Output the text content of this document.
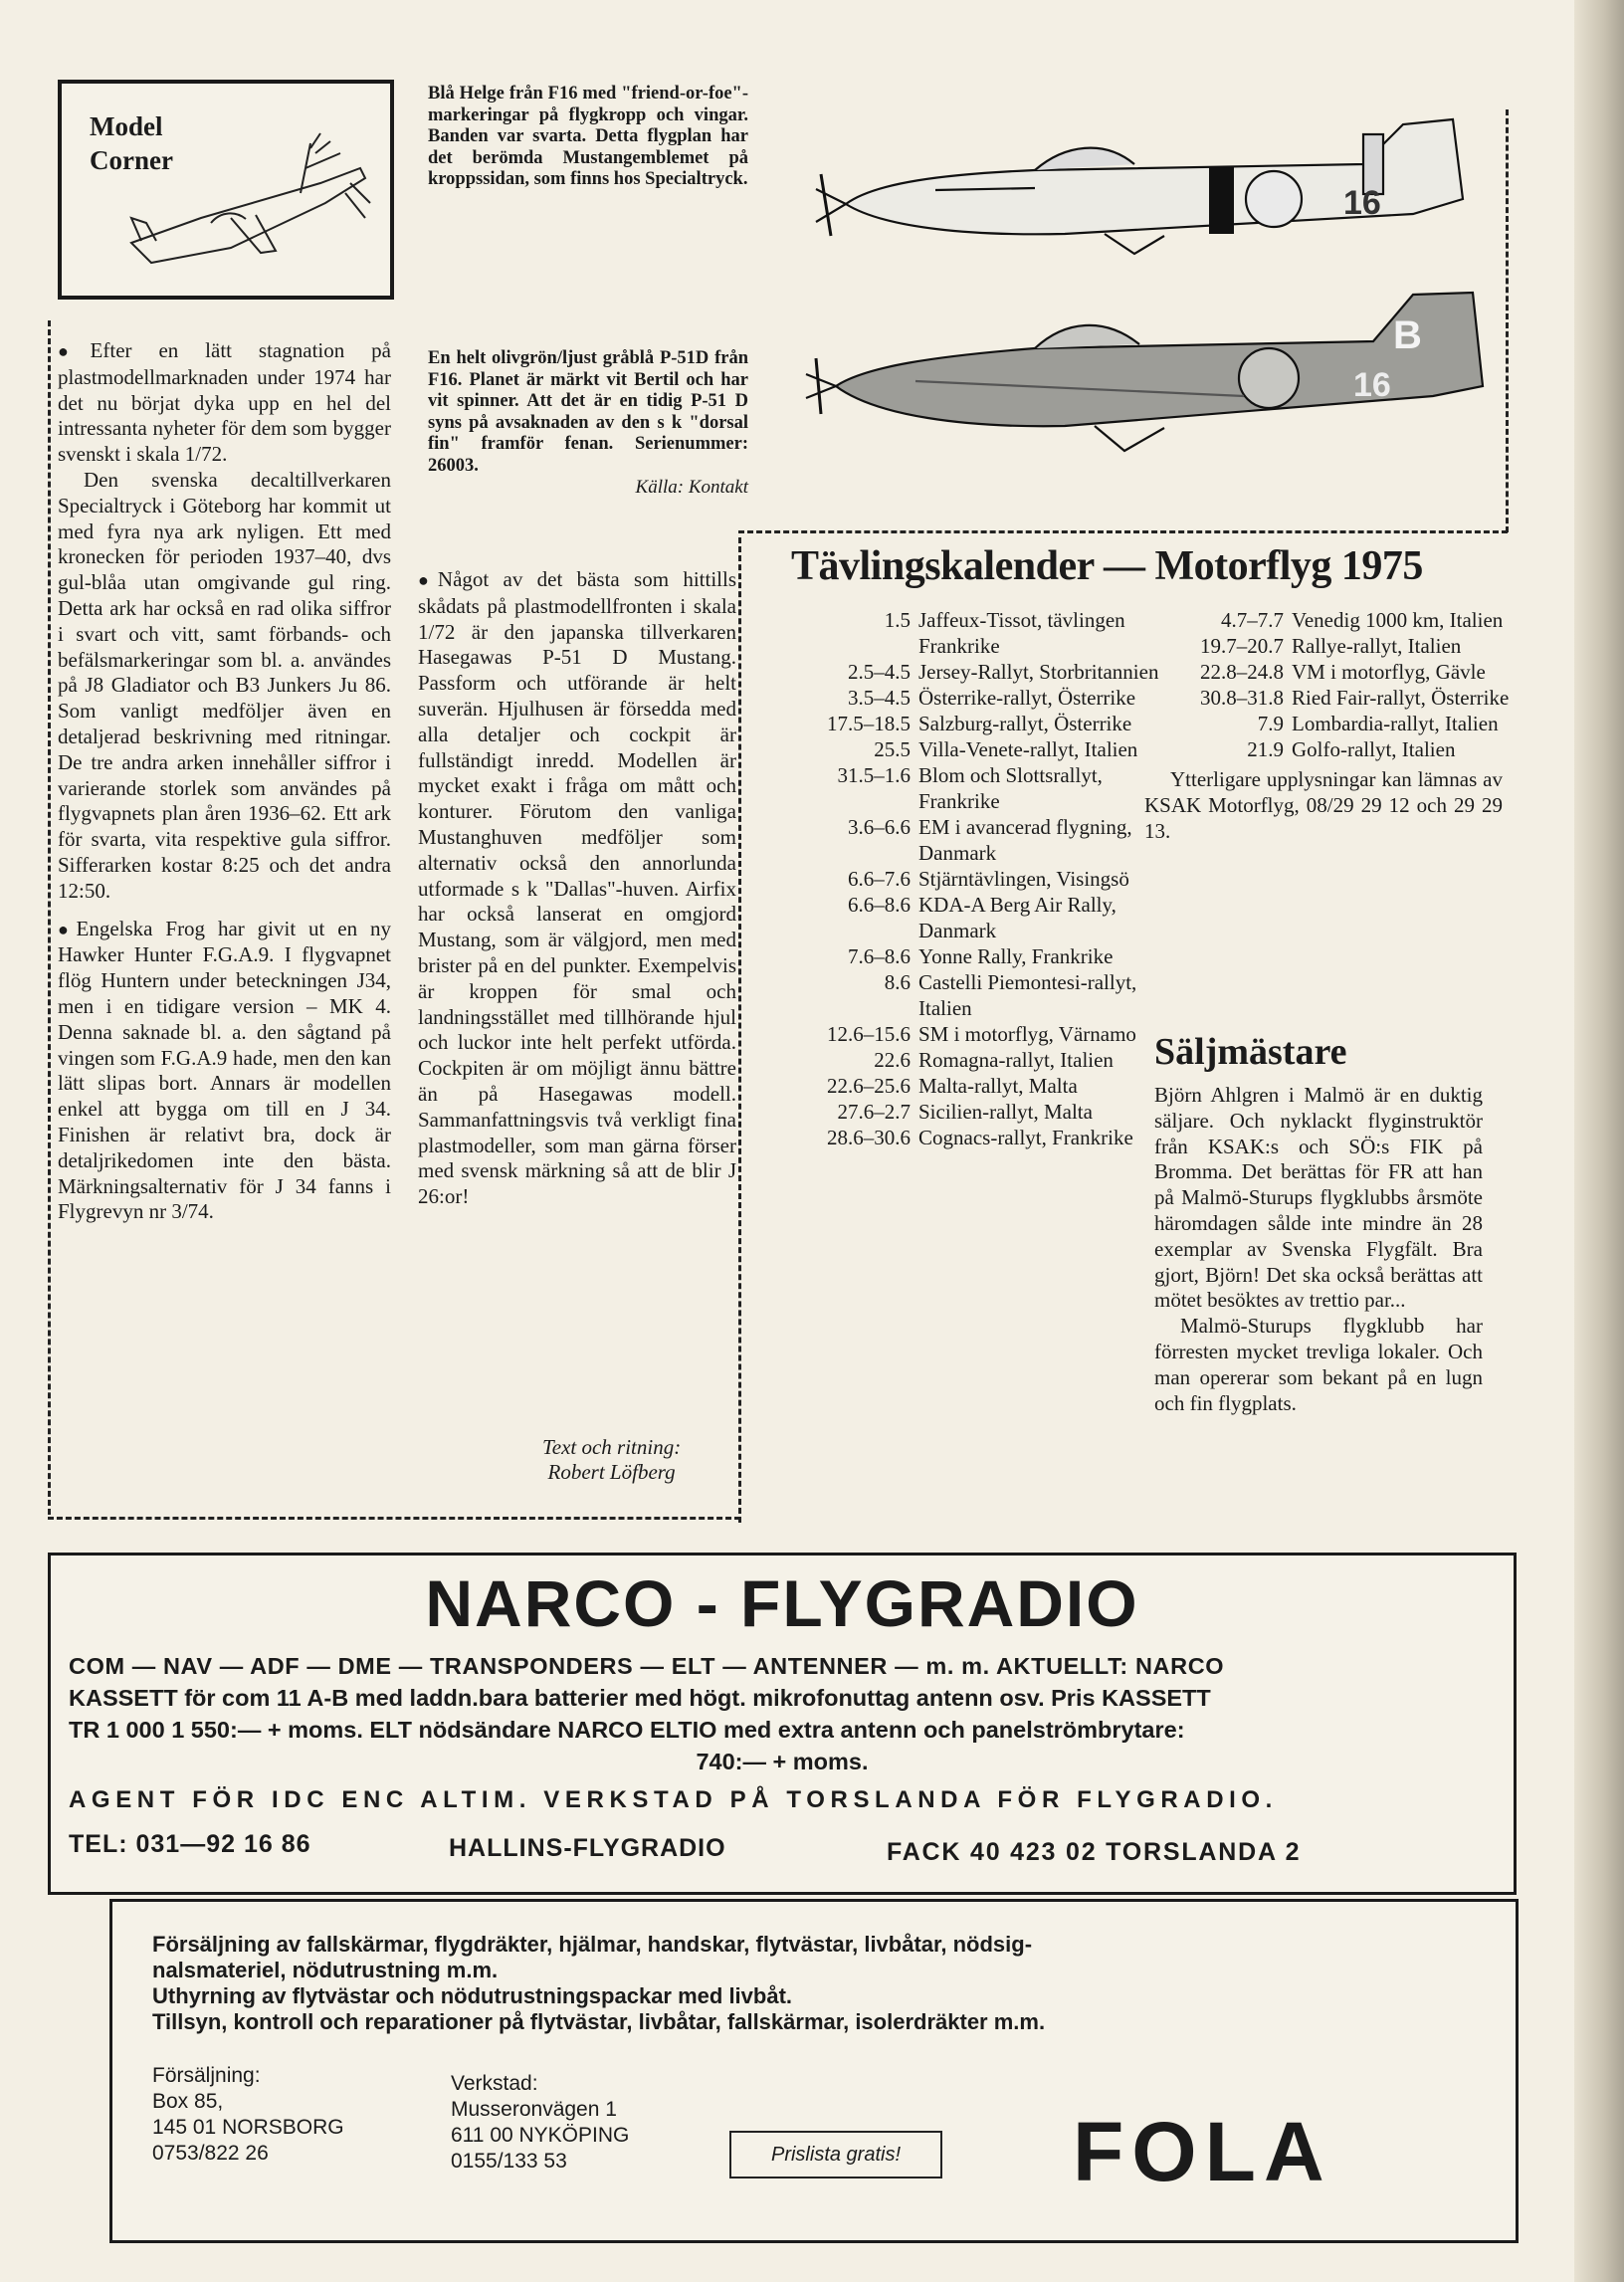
Model
Corner
Blå Helge från F16 med "friend-or-foe"-markeringar på flygkropp och vingar. Banden var svarta. Detta flygplan har det berömda Mustangemblemet på kroppssidan, som finns hos Specialtryck.
16
16
B
En helt olivgrön/ljust gråblå P-51D från F16. Planet är märkt vit Bertil och har vit spinner. Att det är en tidig P-51 D syns på avsaknaden av den s k "dorsal fin" framför fenan. Serienummer: 26003.
Källa: Kontakt

● Efter en lätt stagnation på plastmodellmarknaden under 1974 har det nu börjat dyka upp en hel del intressanta nyheter för dem som bygger svenskt i skala 1/72.

Den svenska decaltillverkaren Specialtryck i Göteborg har kommit ut med fyra nya ark nyligen. Ett med kronecken för perioden 1937–40, dvs gul-blåa utan omgivande gul ring. Detta ark har också en rad olika siffror i svart och vitt, samt förbands- och befälsmarkeringar som bl. a. användes på J8 Gladiator och B3 Junkers Ju 86. Som vanligt medföljer även en detaljerad beskrivning med ritningar. De tre andra arken innehåller siffror i varierande storlek som användes på flygvapnets plan åren 1936–62. Ett ark för svarta, vita respektive gula siffror. Sifferarken kostar 8:25 och det andra 12:50.

● Engelska Frog har givit ut en ny Hawker Hunter F.G.A.9. I flygvapnet flög Huntern under beteckningen J34, men i en tidigare version – MK 4. Denna saknade bl. a. den sågtand på vingen som F.G.A.9 hade, men den kan lätt slipas bort. Annars är modellen enkel att bygga om till en J 34. Finishen är relativt bra, dock är detaljrikedomen inte den bästa. Märkningsalternativ för J 34 fanns i Flygrevyn nr 3/74.

● Något av det bästa som hittills skådats på plastmodellfronten i skala 1/72 är den japanska tillverkaren Hasegawas P-51 D Mustang. Passform och utförande är helt suverän. Hjulhusen är försedda med alla detaljer och cockpit är fullständigt inredd. Modellen är mycket exakt i fråga om mått och konturer. Förutom den vanliga Mustanghuven medföljer som alternativ också den annorlunda utformade s k "Dallas"-huven. Airfix har också lanserat en omgjord Mustang, som är välgjord, men med brister på en del punkter. Exempelvis är kroppen för smal och landningsstället med tillhörande hjul och luckor inte helt perfekt utförda. Cockpiten är om möjligt ännu bättre än på Hasegawas modell. Sammanfattningsvis två verkligt fina plastmodeller, som man gärna förser med svensk märkning så att de blir J 26:or!

Text och ritning:
Robert Löfberg
Tävlingskalender — Motorflyg 1975
1.5 Jaffeux-Tissot, tävlingen Frankrike
2.5–4.5 Jersey-Rallyt, Storbritannien
3.5–4.5 Österrike-rallyt, Österrike
17.5–18.5 Salzburg-rallyt, Österrike
25.5 Villa-Venete-rallyt, Italien
31.5–1.6 Blom och Slottsrallyt, Frankrike
3.6–6.6 EM i avancerad flygning, Danmark
6.6–7.6 Stjärntävlingen, Visingsö
6.6–8.6 KDA-A Berg Air Rally, Danmark
7.6–8.6 Yonne Rally, Frankrike
8.6 Castelli Piemontesi-rallyt, Italien
12.6–15.6 SM i motorflyg, Värnamo
22.6 Romagna-rallyt, Italien
22.6–25.6 Malta-rallyt, Malta
27.6–2.7 Sicilien-rallyt, Malta
28.6–30.6 Cognacs-rallyt, Frankrike
4.7–7.7 Venedig 1000 km, Italien
19.7–20.7 Rallye-rallyt, Italien
22.8–24.8 VM i motorflyg, Gävle
30.8–31.8 Ried Fair-rallyt, Österrike
7.9 Lombardia-rallyt, Italien
21.9 Golfo-rallyt, Italien
Ytterligare upplysningar kan lämnas av KSAK Motorflyg, 08/29 29 12 och 29 29 13.
Säljmästare

Björn Ahlgren i Malmö är en duktig säljare. Och nyklackt flyginstruktör från KSAK:s och SÖ:s FIK på Bromma. Det berättas för FR att han på Malmö-Sturups flygklubbs årsmöte häromdagen sålde inte mindre än 28 exemplar av Svenska Flygfält. Bra gjort, Björn! Det ska också berättas att mötet besöktes av trettio par...

Malmö-Sturups flygklubb har förresten mycket trevliga lokaler. Och man opererar som bekant på en lugn och fin flygplats.

NARCO - FLYGRADIO
COM — NAV — ADF — DME — TRANSPONDERS — ELT — ANTENNER — m. m. AKTUELLT: NARCO
KASSETT för com 11 A-B med laddn.bara batterier med högt. mikrofonuttag antenn osv. Pris KASSETT
TR 1 000 1 550:— + moms. ELT nödsändare NARCO ELTIO med extra antenn och panelströmbrytare:
740:— + moms.
AGENT FÖR IDC ENC ALTIM. VERKSTAD PÅ TORSLANDA FÖR FLYGRADIO.
TEL: 031—92 16 86	HALLINS-FLYGRADIO	FACK 40 423 02 TORSLANDA 2
Försäljning av fallskärmar, flygdräkter, hjälmar, handskar, flytvästar, livbåtar, nödsig-
nalsmateriel, nödutrustning m.m.
Uthyrning av flytvästar och nödutrustningspackar med livbåt.
Tillsyn, kontroll och reparationer på flytvästar, livbåtar, fallskärmar, isolerdräkter m.m.
Försäljning:
Box 85,
145 01 NORSBORG
0753/822 26
Verkstad:
Musseronvägen 1
611 00 NYKÖPING
0155/133 53	Prislista gratis!	FOLA
